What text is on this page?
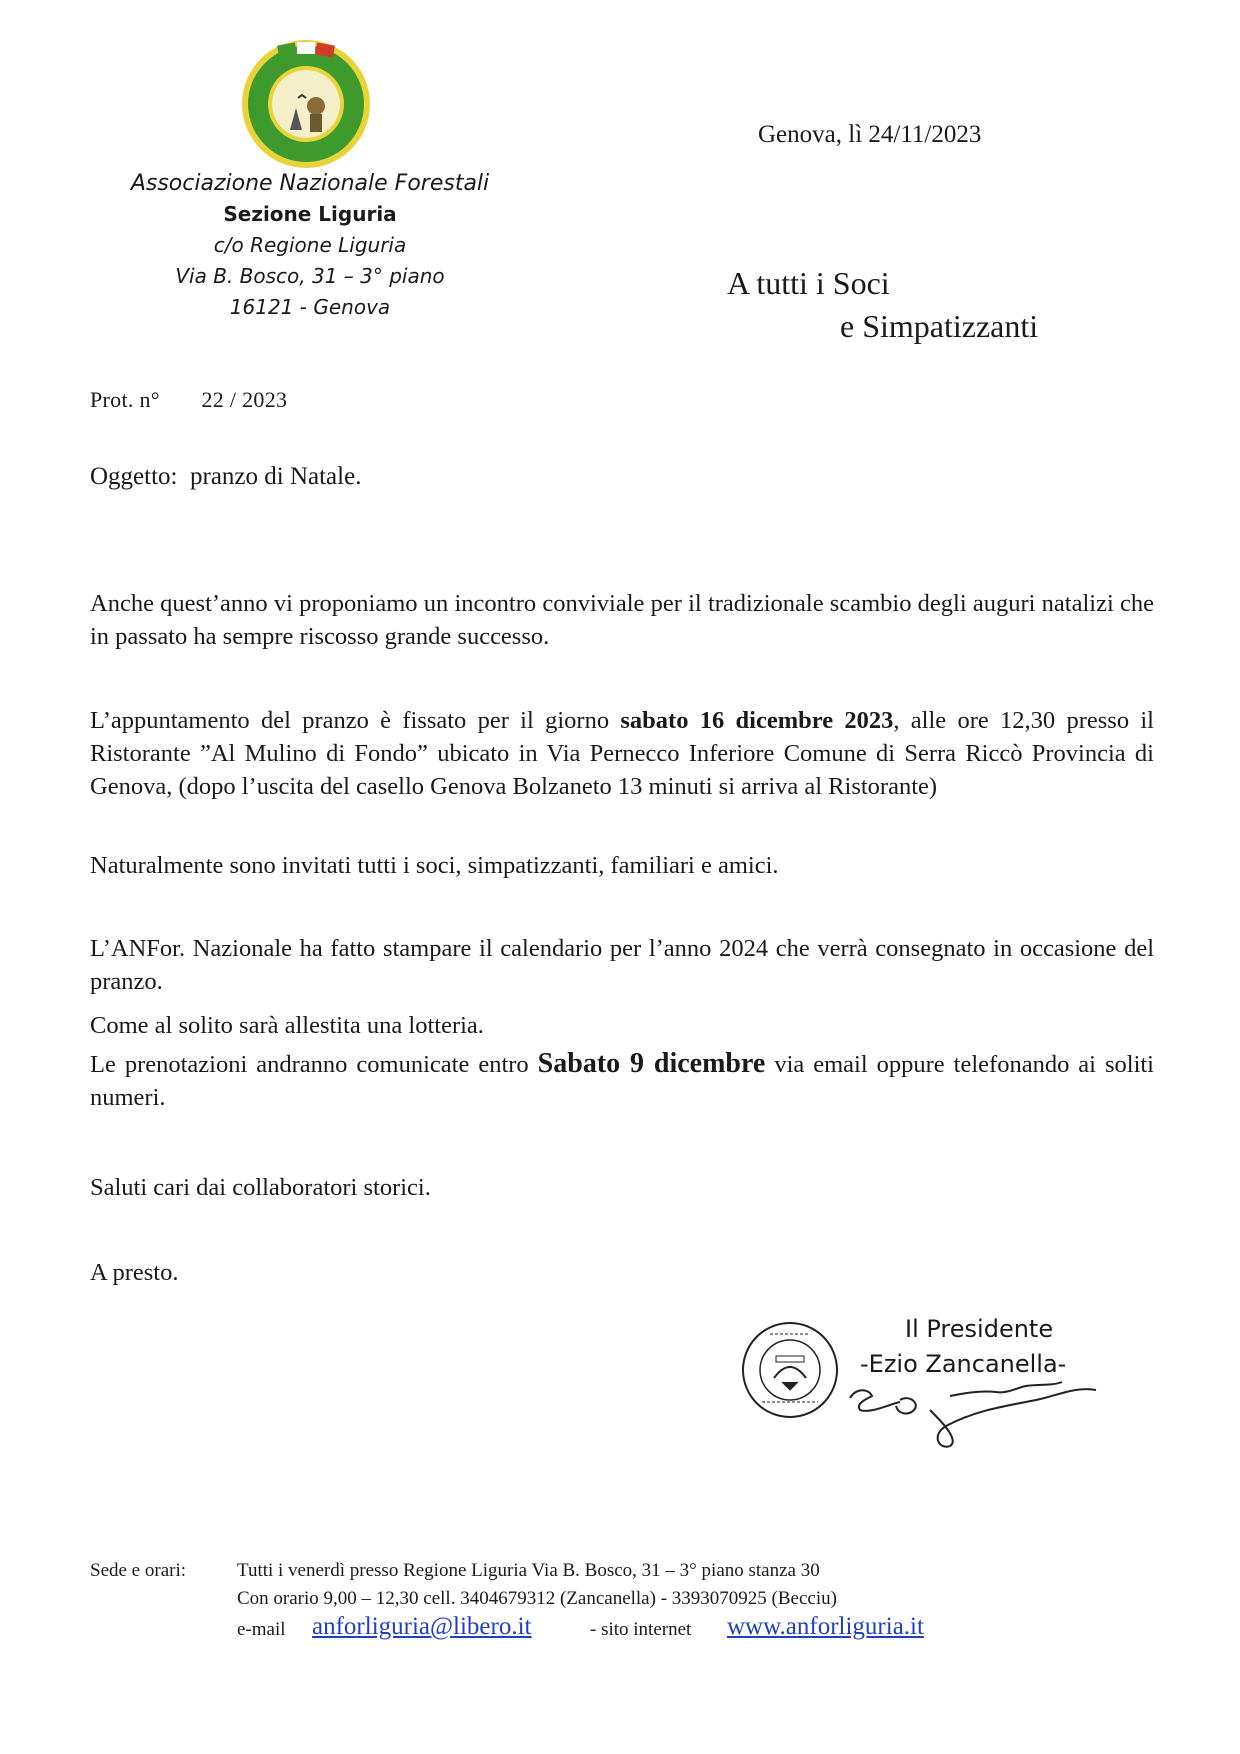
Associazione Nazionale Forestali
Sezione Liguria
c/o Regione Liguria
Via B. Bosco, 31 – 3° piano
16121 - Genova
Genova, lì 24/11/2023
A tutti i Soci
e Simpatizzanti
Prot. n° 22 / 2023
Oggetto: pranzo di Natale.
Anche quest’anno vi proponiamo un incontro conviviale per il tradizionale scambio degli auguri natalizi che in passato ha sempre riscosso grande successo.
L’appuntamento del pranzo è fissato per il giorno sabato 16 dicembre 2023, alle ore 12,30 presso il Ristorante ”Al Mulino di Fondo” ubicato in Via Pernecco Inferiore Comune di Serra Riccò Provincia di Genova, (dopo l’uscita del casello Genova Bolzaneto 13 minuti si arriva al Ristorante)
Naturalmente sono invitati tutti i soci, simpatizzanti, familiari e amici.
L’ANFor. Nazionale ha fatto stampare il calendario per l’anno 2024 che verrà consegnato in occasione del pranzo.
Come al solito sarà allestita una lotteria.
Le prenotazioni andranno comunicate entro Sabato 9 dicembre via email oppure telefonando ai soliti numeri.
Saluti cari dai collaboratori storici.
A presto.
Il Presidente
-Ezio Zancanella-
Sede e orari:	Tutti i venerdì presso Regione Liguria Via B. Bosco, 31 – 3° piano stanza 30
Con orario 9,00 – 12,30 cell. 3404679312 (Zancanella) - 3393070925 (Becciu)
e-mail anforliguria@libero.it	- sito internet www.anforliguria.it
